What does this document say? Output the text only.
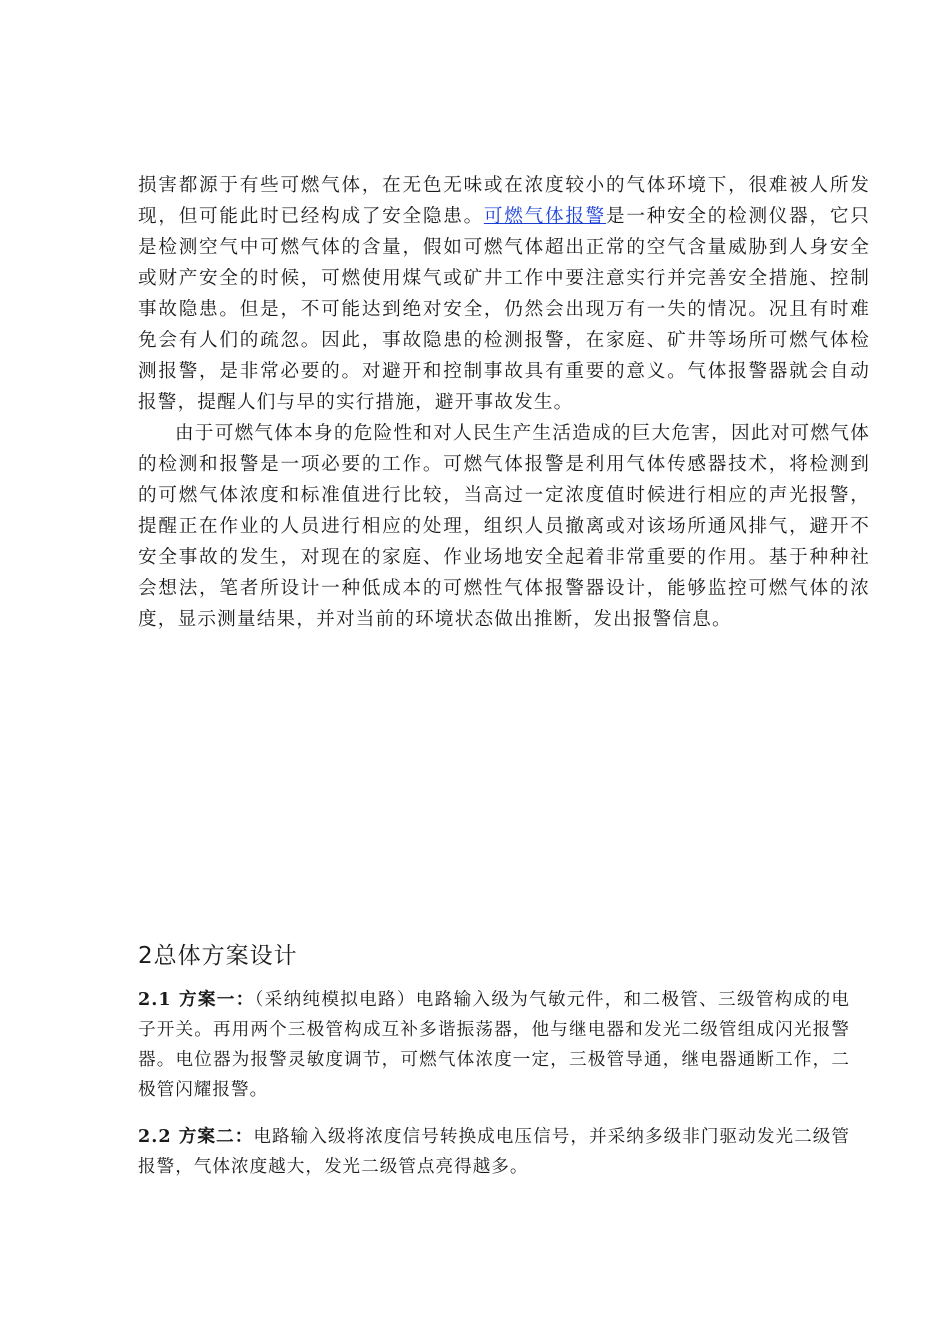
损害都源于有些可燃气体，在无色无味或在浓度较小的气体环境下，很难被人所发现，但可能此时已经构成了安全隐患。可燃气体报警是一种安全的检测仪器，它只是检测空气中可燃气体的含量，假如可燃气体超出正常的空气含量威胁到人身安全或财产安全的时候，可燃使用煤气或矿井工作中要注意实行并完善安全措施、控制事故隐患。但是，不可能达到绝对安全，仍然会出现万有一失的情况。况且有时难免会有人们的疏忽。因此，事故隐患的检测报警，在家庭、矿井等场所可燃气体检测报警，是非常必要的。对避开和控制事故具有重要的意义。气体报警器就会自动报警，提醒人们与早的实行措施，避开事故发生。

由于可燃气体本身的危险性和对人民生产生活造成的巨大危害，因此对可燃气体的检测和报警是一项必要的工作。可燃气体报警是利用气体传感器技术，将检测到的可燃气体浓度和标准值进行比较，当高过一定浓度值时候进行相应的声光报警，提醒正在作业的人员进行相应的处理，组织人员撤离或对该场所通风排气，避开不安全事故的发生，对现在的家庭、作业场地安全起着非常重要的作用。基于种种社会想法，笔者所设计一种低成本的可燃性气体报警器设计，能够监控可燃气体的浓度，显示测量结果，并对当前的环境状态做出推断，发出报警信息。

2总体方案设计

2.1 方案一：（采纳纯模拟电路）电路输入级为气敏元件，和二极管、三级管构成的电子开关。再用两个三极管构成互补多谐振荡器，他与继电器和发光二级管组成闪光报警器。电位器为报警灵敏度调节，可燃气体浓度一定，三极管导通，继电器通断工作，二极管闪耀报警。

2.2 方案二：电路输入级将浓度信号转换成电压信号，并采纳多级非门驱动发光二级管报警，气体浓度越大，发光二级管点亮得越多。
